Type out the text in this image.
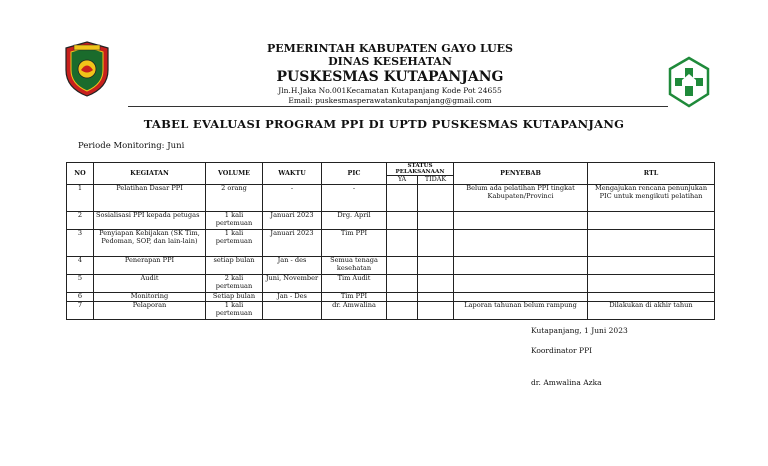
PEMERINTAH KABUPATEN GAYO LUES
DINAS KESEHATAN
PUSKESMAS KUTAPANJANG
Jln.H.Jaka No.001Kecamatan Kutapanjang Kode Pot 24655
Email: puskesmasperawatankutapanjang@gmail.com
TABEL EVALUASI PROGRAM PPI DI UPTD PUSKESMAS KUTAPANJANG
Periode Monitoring: Juni
NO	KEGIATAN	VOLUME	WAKTU	PIC	STATUS PELAKSANAAN		PENYEBAB	RTL
					YA	TIDAK		
1	Pelatihan Dasar PPI	2 orang	-	-			Belum ada pelatihan PPI tingkat Kabupaten/Provinci	Mengajukan rencana penunjukan PIC untuk mengikuti pelatihan
2	Sosialisasi PPI kepada petugas	1 kali pertemuan	Januari 2023	Drg. April				
3	Penyiapan Kebijakan (SK Tim, Pedoman, SOP, dan lain-lain)	1 kali pertemuan	Januari 2023	Tim PPI				
4	Penerapan PPI	setiap bulan	Jan - des	Semua tenaga kesehatan				
5	Audit	2 kali pertemuan	Juni, November	Tim Audit				
6	Monitoring	Setiap bulan	Jan - Des	Tim PPI				
7	Pelaporan	1 kali pertemuan		dr. Amwalina			Laporan tahunan belum rampung	Dilakukan di akhir tahun
Kutapanjang, 1 Juni 2023
Koordinator PPI
dr. Amwalina Azka
